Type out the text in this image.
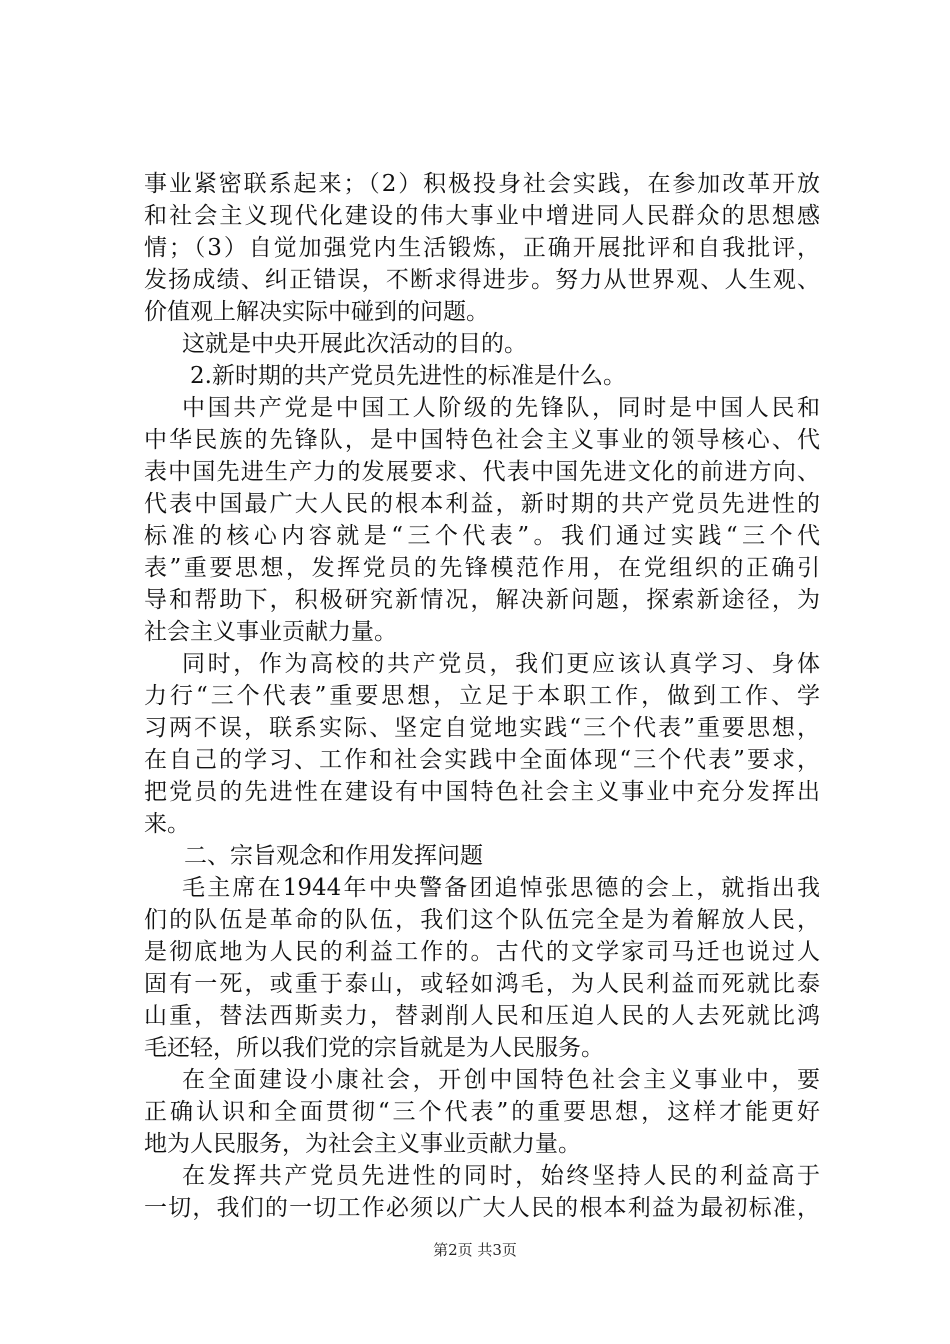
事业紧密联系起来；（2）积极投身社会实践，在参加改革开放
和社会主义现代化建设的伟大事业中增进同人民群众的思想感
情；（3）自觉加强党内生活锻炼，正确开展批评和自我批评，
发扬成绩、纠正错误，不断求得进步。努力从世界观、人生观、
价值观上解决实际中碰到的问题。
这就是中央开展此次活动的目的。
2.新时期的共产党员先进性的标准是什么。
中国共产党是中国工人阶级的先锋队，同时是中国人民和
中华民族的先锋队，是中国特色社会主义事业的领导核心、代
表中国先进生产力的发展要求、代表中国先进文化的前进方向、
代表中国最广大人民的根本利益，新时期的共产党员先进性的
标准的核心内容就是“三个代表”。我们通过实践“三个代
表”重要思想，发挥党员的先锋模范作用，在党组织的正确引
导和帮助下，积极研究新情况，解决新问题，探索新途径，为
社会主义事业贡献力量。
同时，作为高校的共产党员，我们更应该认真学习、身体
力行“三个代表”重要思想，立足于本职工作，做到工作、学
习两不误，联系实际、坚定自觉地实践“三个代表”重要思想，
在自己的学习、工作和社会实践中全面体现“三个代表”要求，
把党员的先进性在建设有中国特色社会主义事业中充分发挥出
来。
二、宗旨观念和作用发挥问题
毛主席在1944年中央警备团追悼张思德的会上，就指出我
们的队伍是革命的队伍，我们这个队伍完全是为着解放人民，
是彻底地为人民的利益工作的。古代的文学家司马迁也说过人
固有一死，或重于泰山，或轻如鸿毛，为人民利益而死就比泰
山重，替法西斯卖力，替剥削人民和压迫人民的人去死就比鸿
毛还轻，所以我们党的宗旨就是为人民服务。
在全面建设小康社会，开创中国特色社会主义事业中，要
正确认识和全面贯彻“三个代表”的重要思想，这样才能更好
地为人民服务，为社会主义事业贡献力量。
在发挥共产党员先进性的同时，始终坚持人民的利益高于
一切，我们的一切工作必须以广大人民的根本利益为最初标准，
第2页 共3页
